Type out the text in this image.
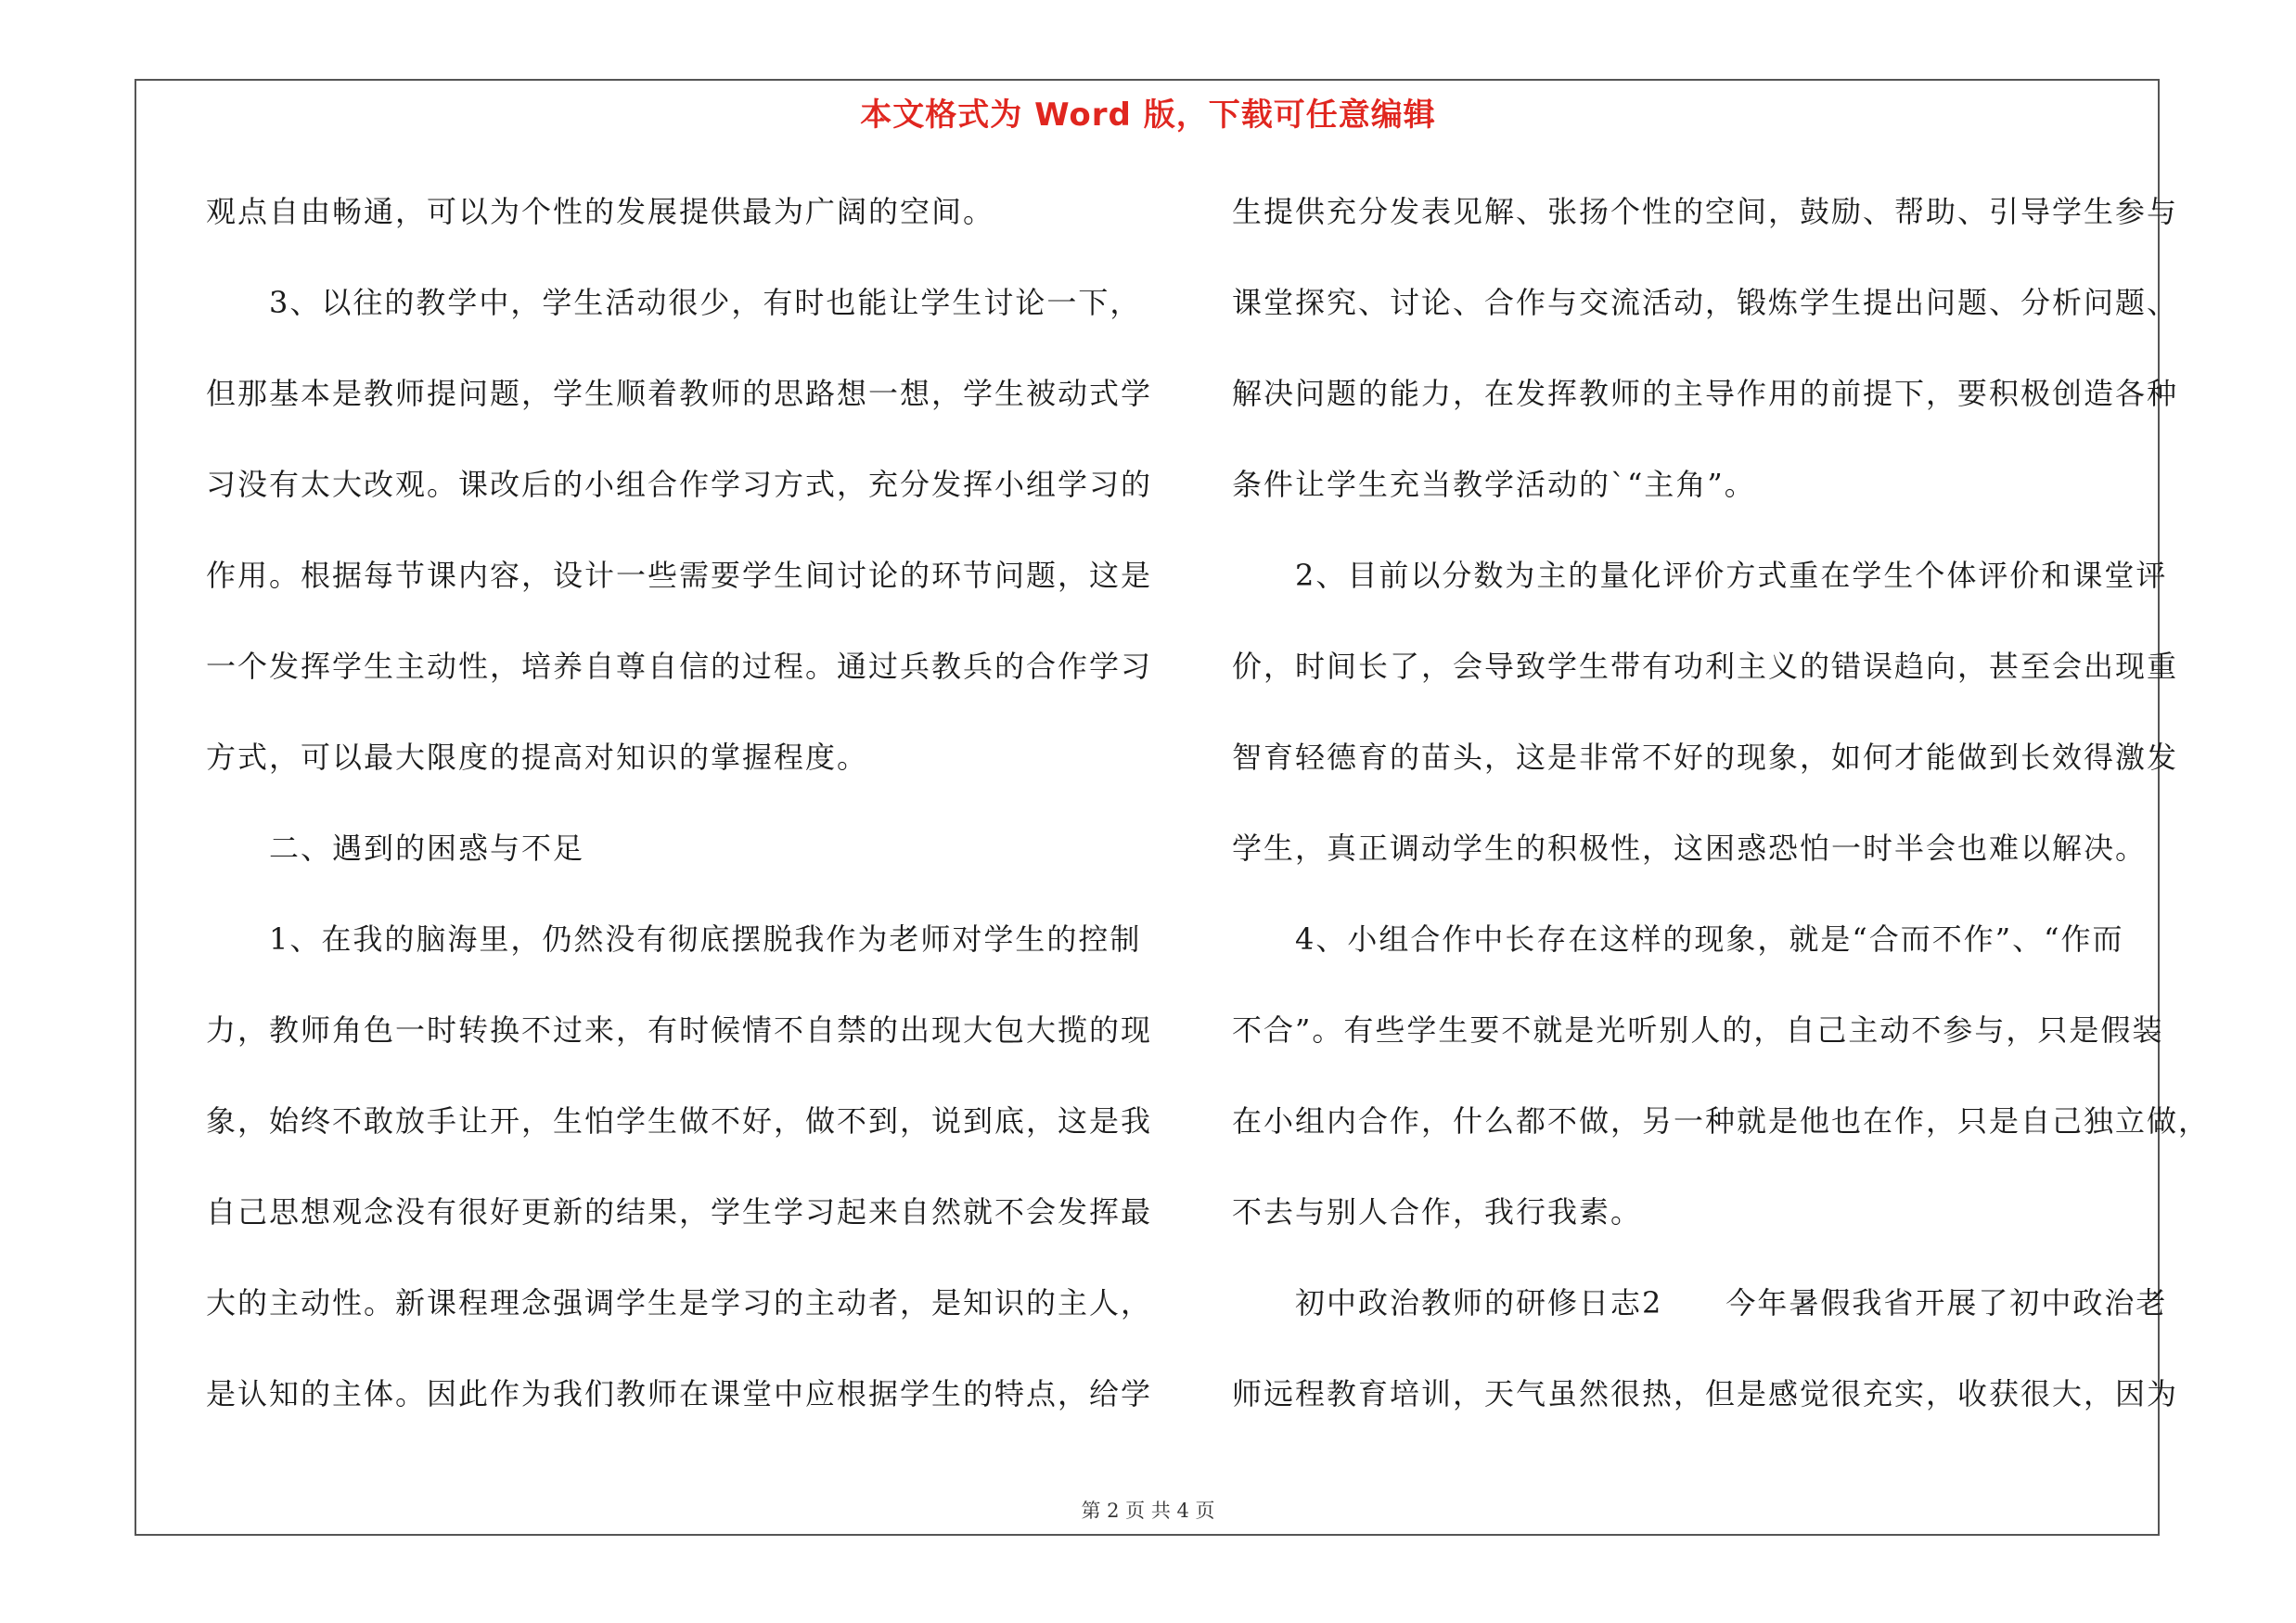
本文格式为 Word 版，下载可任意编辑
观点自由畅通，可以为个性的发展提供最为广阔的空间。
　　3、以往的教学中，学生活动很少，有时也能让学生讨论一下，
但那基本是教师提问题，学生顺着教师的思路想一想，学生被动式学
习没有太大改观。课改后的小组合作学习方式，充分发挥小组学习的
作用。根据每节课内容，设计一些需要学生间讨论的环节问题，这是
一个发挥学生主动性，培养自尊自信的过程。通过兵教兵的合作学习
方式，可以最大限度的提高对知识的掌握程度。
　　二、遇到的困惑与不足
　　1、在我的脑海里，仍然没有彻底摆脱我作为老师对学生的控制
力，教师角色一时转换不过来，有时候情不自禁的出现大包大揽的现
象，始终不敢放手让开，生怕学生做不好，做不到，说到底，这是我
自己思想观念没有很好更新的结果，学生学习起来自然就不会发挥最
大的主动性。新课程理念强调学生是学习的主动者，是知识的主人，
是认知的主体。因此作为我们教师在课堂中应根据学生的特点，给学
生提供充分发表见解、张扬个性的空间，鼓励、帮助、引导学生参与
课堂探究、讨论、合作与交流活动，锻炼学生提出问题、分析问题、
解决问题的能力，在发挥教师的主导作用的前提下，要积极创造各种
条件让学生充当教学活动的`“主角”。
　　2、目前以分数为主的量化评价方式重在学生个体评价和课堂评
价，时间长了，会导致学生带有功利主义的错误趋向，甚至会出现重
智育轻德育的苗头，这是非常不好的现象，如何才能做到长效得激发
学生，真正调动学生的积极性，这困惑恐怕一时半会也难以解决。
　　4、小组合作中长存在这样的现象，就是“合而不作”、“作而
不合”。有些学生要不就是光听别人的，自己主动不参与，只是假装
在小组内合作，什么都不做，另一种就是他也在作，只是自己独立做，
不去与别人合作，我行我素。
　　初中政治教师的研修日志2　　今年暑假我省开展了初中政治老
师远程教育培训，天气虽然很热，但是感觉很充实，收获很大，因为
第 2 页 共 4 页
